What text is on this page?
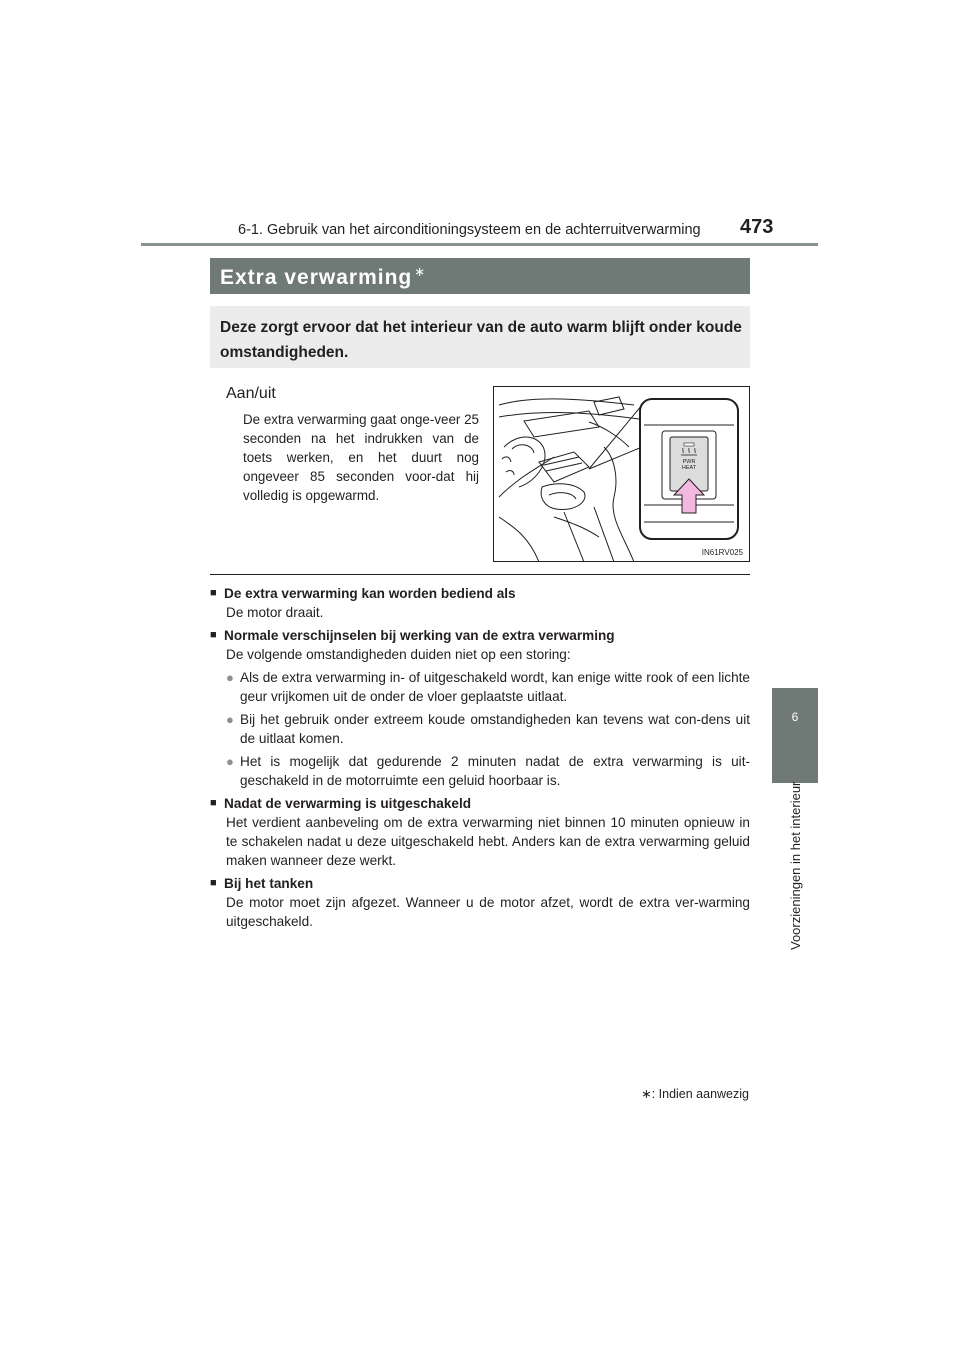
6-1. Gebruik van het airconditioningsysteem en de achterruitverwarming 473
Extra verwarming ∗
Deze zorgt ervoor dat het interieur van de auto warm blijft onder koude omstandigheden.
Aan/uit
De extra verwarming gaat onge-veer 25 seconden na het indrukken van de toets werken, en het duurt nog ongeveer 85 seconden voor-dat hij volledig is opgewarmd.
PWR
HEAT
IN61RV025
■ De extra verwarming kan worden bediend als
De motor draait.
■ Normale verschijnselen bij werking van de extra verwarming
De volgende omstandigheden duiden niet op een storing:
● Als de extra verwarming in- of uitgeschakeld wordt, kan enige witte rook of een lichte geur vrijkomen uit de onder de vloer geplaatste uitlaat.
● Bij het gebruik onder extreem koude omstandigheden kan tevens wat con-dens uit de uitlaat komen.
● Het is mogelijk dat gedurende 2 minuten nadat de extra verwarming is uit-geschakeld in de motorruimte een geluid hoorbaar is.
■ Nadat de verwarming is uitgeschakeld
Het verdient aanbeveling om de extra verwarming niet binnen 10 minuten opnieuw in te schakelen nadat u deze uitgeschakeld hebt. Anders kan de extra verwarming geluid maken wanneer deze werkt.
■ Bij het tanken
De motor moet zijn afgezet. Wanneer u de motor afzet, wordt de extra ver-warming uitgeschakeld.
∗: Indien aanwezig
6
Voorzieningen in het interieur
